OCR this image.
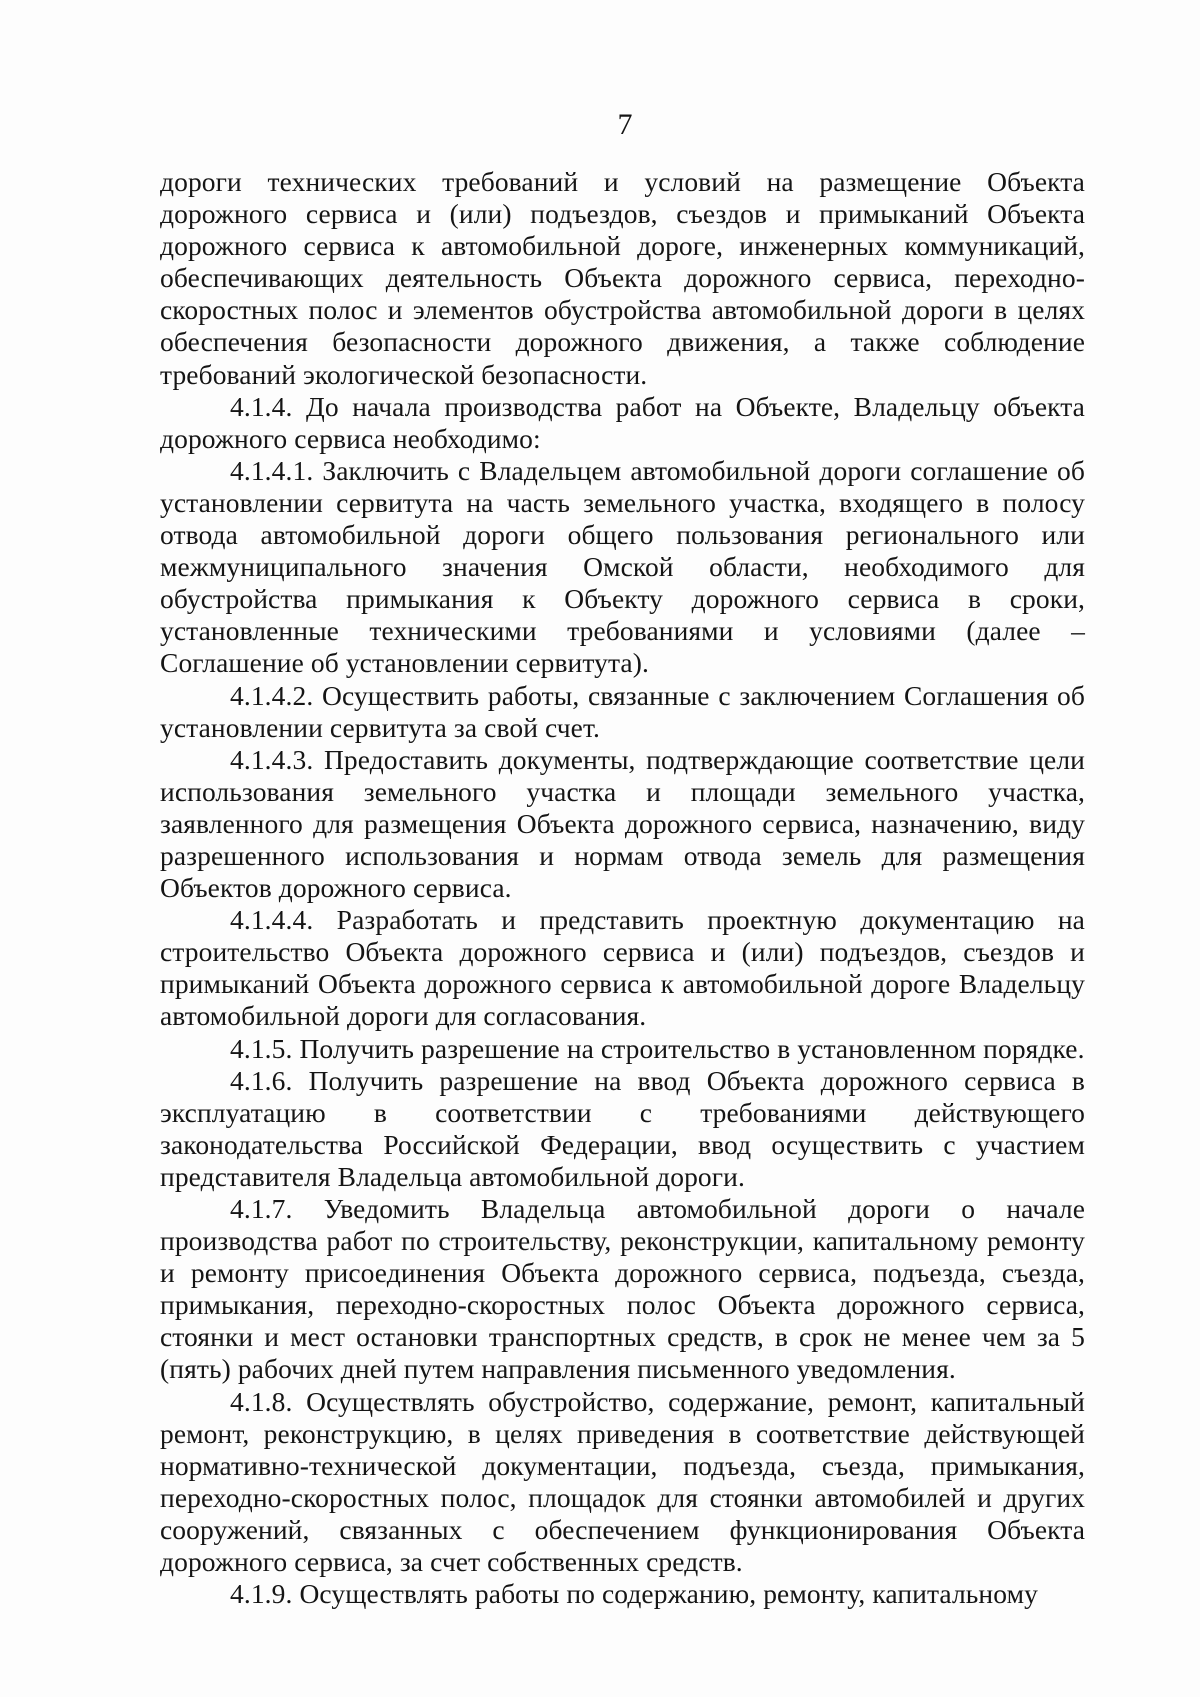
7

дороги технических требований и условий на размещение Объекта дорожного сервиса и (или) подъездов, съездов и примыканий Объекта дорожного сервиса к автомобильной дороге, инженерных коммуникаций, обеспечивающих деятельность Объекта дорожного сервиса, переходно-скоростных полос и элементов обустройства автомобильной дороги в целях обеспечения безопасности дорожного движения, а также соблюдение требований экологической безопасности.

4.1.4. До начала производства работ на Объекте, Владельцу объекта дорожного сервиса необходимо:

4.1.4.1. Заключить с Владельцем автомобильной дороги соглашение об установлении сервитута на часть земельного участка, входящего в полосу отвода автомобильной дороги общего пользования регионального или межмуниципального значения Омской области, необходимого для обустройства примыкания к Объекту дорожного сервиса в сроки, установленные техническими требованиями и условиями (далее – Соглашение об установлении сервитута).

4.1.4.2. Осуществить работы, связанные с заключением Соглашения об установлении сервитута за свой счет.

4.1.4.3. Предоставить документы, подтверждающие соответствие цели использования земельного участка и площади земельного участка, заявленного для размещения Объекта дорожного сервиса, назначению, виду разрешенного использования и нормам отвода земель для размещения Объектов дорожного сервиса.

4.1.4.4. Разработать и представить проектную документацию на строительство Объекта дорожного сервиса и (или) подъездов, съездов и примыканий Объекта дорожного сервиса к автомобильной дороге Владельцу автомобильной дороги для согласования.

4.1.5. Получить разрешение на строительство в установленном порядке.

4.1.6. Получить разрешение на ввод Объекта дорожного сервиса в эксплуатацию в соответствии с требованиями действующего законодательства Российской Федерации, ввод осуществить с участием представителя Владельца автомобильной дороги.

4.1.7. Уведомить Владельца автомобильной дороги о начале производства работ по строительству, реконструкции, капитальному ремонту и ремонту присоединения Объекта дорожного сервиса, подъезда, съезда, примыкания, переходно-скоростных полос Объекта дорожного сервиса, стоянки и мест остановки транспортных средств, в срок не менее чем за 5 (пять) рабочих дней путем направления письменного уведомления.

4.1.8. Осуществлять обустройство, содержание, ремонт, капитальный ремонт, реконструкцию, в целях приведения в соответствие действующей нормативно-технической документации, подъезда, съезда, примыкания, переходно-скоростных полос, площадок для стоянки автомобилей и других сооружений, связанных с обеспечением функционирования Объекта дорожного сервиса, за счет собственных средств.

4.1.9. Осуществлять работы по содержанию, ремонту, капитальному
